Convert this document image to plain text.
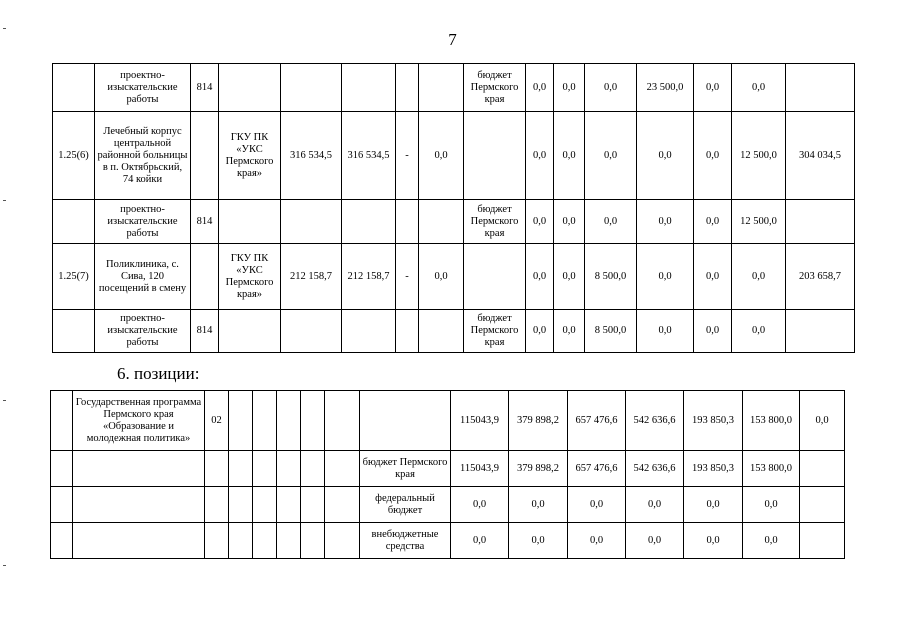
7
	проектно-изыскательские работы	814						бюджет Пермского края	0,0	0,0	0,0	23 500,0	0,0	0,0	
1.25(6)	Лечебный корпус центральной районной больницы в п. Октябрьский, 74 койки		ГКУ ПК «УКС Пермского края»	316 534,5	316 534,5	-	0,0		0,0	0,0	0,0	0,0	0,0	12 500,0	304 034,5
	проектно-изыскательские работы	814						бюджет Пермского края	0,0	0,0	0,0	0,0	0,0	12 500,0	
1.25(7)	Поликлиника, с. Сива, 120 посещений в смену		ГКУ ПК «УКС Пермского края»	212 158,7	212 158,7	-	0,0		0,0	0,0	8 500,0	0,0	0,0	0,0	203 658,7
	проектно-изыскательские работы	814						бюджет Пермского края	0,0	0,0	8 500,0	0,0	0,0	0,0	
6. позиции:
	Государственная программа Пермского края «Образование и молодежная политика»	02							115043,9	379 898,2	657 476,6	542 636,6	193 850,3	153 800,0	0,0
								бюджет Пермского края	115043,9	379 898,2	657 476,6	542 636,6	193 850,3	153 800,0	
								федеральный бюджет	0,0	0,0	0,0	0,0	0,0	0,0	
								внебюджетные средства	0,0	0,0	0,0	0,0	0,0	0,0	
